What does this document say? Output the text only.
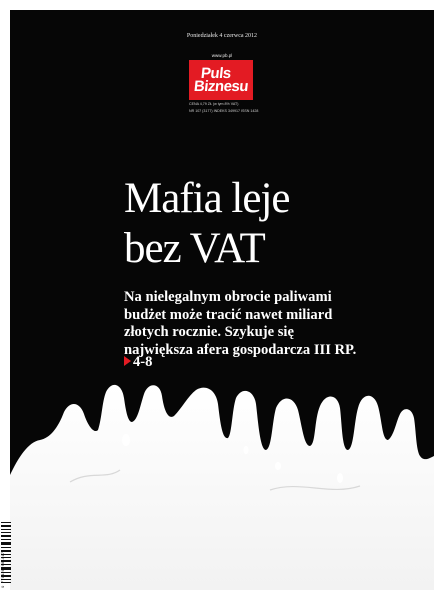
Poniedziałek 4 czerwca 2012
www.pb.pl
Puls
Biznesu
CENA 4,79 ZŁ (w tym 8% VAT)
NR 107 (3177) INDEKS 349917 ISSN 1428
Mafia leje
bez VAT
Na nielegalnym obrocie paliwami
budżet może tracić nawet miliard
złotych rocznie. Szykuje się
największa afera gospodarcza III RP.
4-8
9 771428 081117
